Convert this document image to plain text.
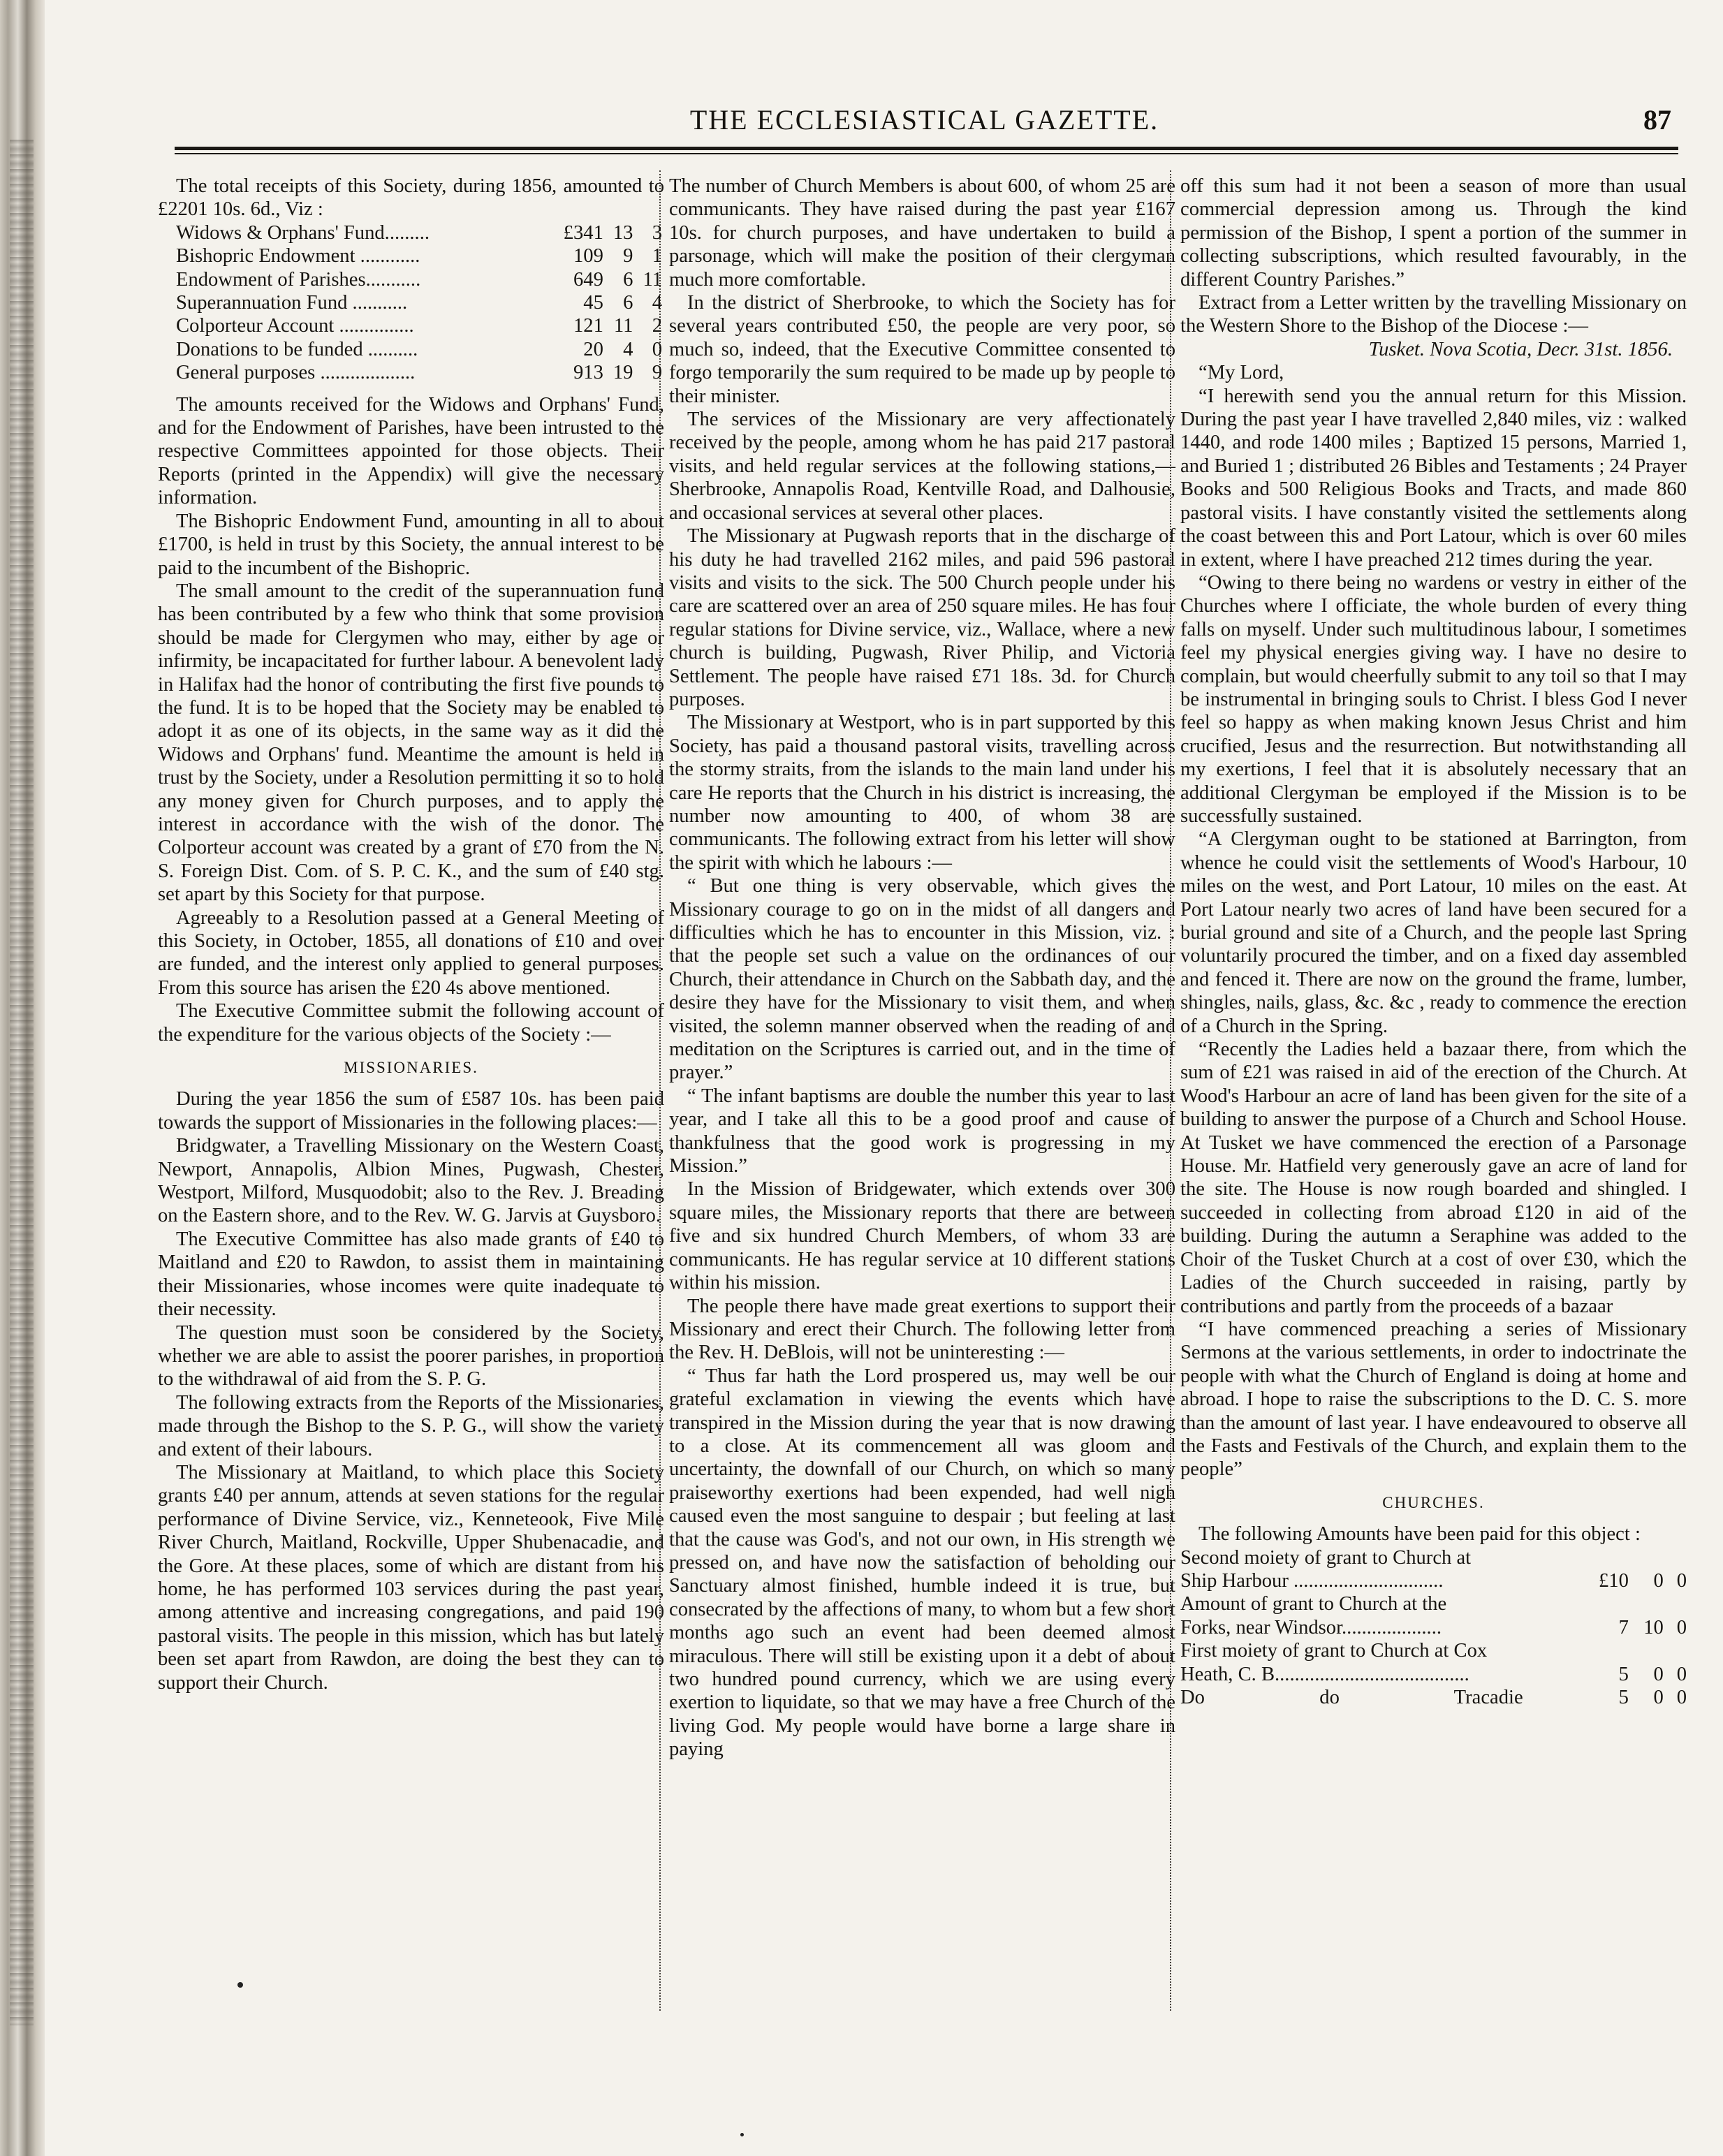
THE ECCLESIASTICAL GAZETTE.	87

The total receipts of this Society, during 1856, amounted to £2201 10s. 6d., Viz :

Widows & Orphans' Fund.........	£341	13	3
Bishopric Endowment ............	109	9	1
Endowment of Parishes...........	649	6	11
Superannuation Fund ...........	45	6	4
Colporteur Account ...............	121	11	2
Donations to be funded ..........	20	4	0
General purposes ...................	913	19	9

The amounts received for the Widows and Orphans' Fund, and for the Endowment of Parishes, have been intrusted to the respective Committees appointed for those objects. Their Reports (printed in the Appendix) will give the necessary information.

The Bishopric Endowment Fund, amounting in all to about £1700, is held in trust by this Society, the annual interest to be paid to the incumbent of the Bishopric.

The small amount to the credit of the superannuation fund has been contributed by a few who think that some provision should be made for Clergymen who may, either by age or infirmity, be incapacitated for further labour. A benevolent lady in Halifax had the honor of contributing the first five pounds to the fund. It is to be hoped that the Society may be enabled to adopt it as one of its objects, in the same way as it did the Widows and Orphans' fund. Meantime the amount is held in trust by the Society, under a Resolution permitting it so to hold any money given for Church purposes, and to apply the interest in accordance with the wish of the donor. The Colporteur account was created by a grant of £70 from the N. S. Foreign Dist. Com. of S. P. C. K., and the sum of £40 stg. set apart by this Society for that purpose.

Agreeably to a Resolution passed at a General Meeting of this Society, in October, 1855, all donations of £10 and over are funded, and the interest only applied to general purposes. From this source has arisen the £20 4s above mentioned.

The Executive Committee submit the following account of the expenditure for the various objects of the Society :—

MISSIONARIES.

During the year 1856 the sum of £587 10s. has been paid towards the support of Missionaries in the following places:—

Bridgwater, a Travelling Missionary on the Western Coast, Newport, Annapolis, Albion Mines, Pugwash, Chester, Westport, Milford, Musquodobit; also to the Rev. J. Breading on the Eastern shore, and to the Rev. W. G. Jarvis at Guysboro.

The Executive Committee has also made grants of £40 to Maitland and £20 to Rawdon, to assist them in maintaining their Missionaries, whose incomes were quite inadequate to their necessity.

The question must soon be considered by the Society, whether we are able to assist the poorer parishes, in proportion to the withdrawal of aid from the S. P. G.

The following extracts from the Reports of the Missionaries, made through the Bishop to the S. P. G., will show the variety and extent of their labours.

The Missionary at Maitland, to which place this Society grants £40 per annum, attends at seven stations for the regular performance of Divine Service, viz., Kenneteook, Five Mile River Church, Maitland, Rockville, Upper Shubenacadie, and the Gore. At these places, some of which are distant from his home, he has performed 103 services during the past year, among attentive and increasing congregations, and paid 190 pastoral visits. The people in this mission, which has but lately been set apart from Rawdon, are doing the best they can to support their Church.

The number of Church Members is about 600, of whom 25 are communicants. They have raised during the past year £167 10s. for church purposes, and have undertaken to build a parsonage, which will make the position of their clergyman much more comfortable.

In the district of Sherbrooke, to which the Society has for several years contributed £50, the people are very poor, so much so, indeed, that the Executive Committee consented to forgo temporarily the sum required to be made up by people to their minister.

The services of the Missionary are very affectionately received by the people, among whom he has paid 217 pastoral visits, and held regular services at the following stations,—Sherbrooke, Annapolis Road, Kentville Road, and Dalhousie, and occasional services at several other places.

The Missionary at Pugwash reports that in the discharge of his duty he had travelled 2162 miles, and paid 596 pastoral visits and visits to the sick. The 500 Church people under his care are scattered over an area of 250 square miles. He has four regular stations for Divine service, viz., Wallace, where a new church is building, Pugwash, River Philip, and Victoria Settlement. The people have raised £71 18s. 3d. for Church purposes.

The Missionary at Westport, who is in part supported by this Society, has paid a thousand pastoral visits, travelling across the stormy straits, from the islands to the main land under his care He reports that the Church in his district is increasing, the number now amounting to 400, of whom 38 are communicants. The following extract from his letter will show the spirit with which he labours :—

“ But one thing is very observable, which gives the Missionary courage to go on in the midst of all dangers and difficulties which he has to encounter in this Mission, viz. : that the people set such a value on the ordinances of our Church, their attendance in Church on the Sabbath day, and the desire they have for the Missionary to visit them, and when visited, the solemn manner observed when the reading of and meditation on the Scriptures is carried out, and in the time of prayer.”

“ The infant baptisms are double the number this year to last year, and I take all this to be a good proof and cause of thankfulness that the good work is progressing in my Mission.”

In the Mission of Bridgewater, which extends over 300 square miles, the Missionary reports that there are between five and six hundred Church Members, of whom 33 are communicants. He has regular service at 10 different stations within his mission.

The people there have made great exertions to support their Missionary and erect their Church. The following letter from the Rev. H. DeBlois, will not be uninteresting :—

“ Thus far hath the Lord prospered us, may well be our grateful exclamation in viewing the events which have transpired in the Mission during the year that is now drawing to a close. At its commencement all was gloom and uncertainty, the downfall of our Church, on which so many praiseworthy exertions had been expended, had well nigh caused even the most sanguine to despair ; but feeling at last that the cause was God's, and not our own, in His strength we pressed on, and have now the satisfaction of beholding our Sanctuary almost finished, humble indeed it is true, but consecrated by the affections of many, to whom but a few short months ago such an event had been deemed almost miraculous. There will still be existing upon it a debt of about two hundred pound currency, which we are using every exertion to liquidate, so that we may have a free Church of the living God. My people would have borne a large share in paying

off this sum had it not been a season of more than usual commercial depression among us. Through the kind permission of the Bishop, I spent a portion of the summer in collecting subscriptions, which resulted favourably, in the different Country Parishes.”

Extract from a Letter written by the travelling Missionary on the Western Shore to the Bishop of the Diocese :—

Tusket. Nova Scotia, Decr. 31st. 1856.

“My Lord,

“I herewith send you the annual return for this Mission. During the past year I have travelled 2,840 miles, viz : walked 1440, and rode 1400 miles ; Baptized 15 persons, Married 1, and Buried 1 ; distributed 26 Bibles and Testaments ; 24 Prayer Books and 500 Religious Books and Tracts, and made 860 pastoral visits. I have constantly visited the settlements along the coast between this and Port Latour, which is over 60 miles in extent, where I have preached 212 times during the year.

“Owing to there being no wardens or vestry in either of the Churches where I officiate, the whole burden of every thing falls on myself. Under such multitudinous labour, I sometimes feel my physical energies giving way. I have no desire to complain, but would cheerfully submit to any toil so that I may be instrumental in bringing souls to Christ. I bless God I never feel so happy as when making known Jesus Christ and him crucified, Jesus and the resurrection. But notwithstanding all my exertions, I feel that it is absolutely necessary that an additional Clergyman be employed if the Mission is to be successfully sustained.

“A Clergyman ought to be stationed at Barrington, from whence he could visit the settlements of Wood's Harbour, 10 miles on the west, and Port Latour, 10 miles on the east. At Port Latour nearly two acres of land have been secured for a burial ground and site of a Church, and the people last Spring voluntarily procured the timber, and on a fixed day assembled and fenced it. There are now on the ground the frame, lumber, shingles, nails, glass, &c. &c , ready to commence the erection of a Church in the Spring.

“Recently the Ladies held a bazaar there, from which the sum of £21 was raised in aid of the erection of the Church. At Wood's Harbour an acre of land has been given for the site of a building to answer the purpose of a Church and School House. At Tusket we have commenced the erection of a Parsonage House. Mr. Hatfield very generously gave an acre of land for the site. The House is now rough boarded and shingled. I succeeded in collecting from abroad £120 in aid of the building. During the autumn a Seraphine was added to the Choir of the Tusket Church at a cost of over £30, which the Ladies of the Church succeeded in raising, partly by contributions and partly from the proceeds of a bazaar

“I have commenced preaching a series of Missionary Sermons at the various settlements, in order to indoctrinate the people with what the Church of England is doing at home and abroad. I hope to raise the subscriptions to the D. C. S. more than the amount of last year. I have endeavoured to observe all the Fasts and Festivals of the Church, and explain them to the people”

CHURCHES.

The following Amounts have been paid for this object :

Second moiety of grant to Church at			
Ship Harbour ..............................	£10	0	0
Amount of grant to Church at the			
Forks, near Windsor....................	7	10	0
First moiety of grant to Church at Cox			
Heath, C. B.......................................	5	0	0
Do do Tracadie	5	0	0
